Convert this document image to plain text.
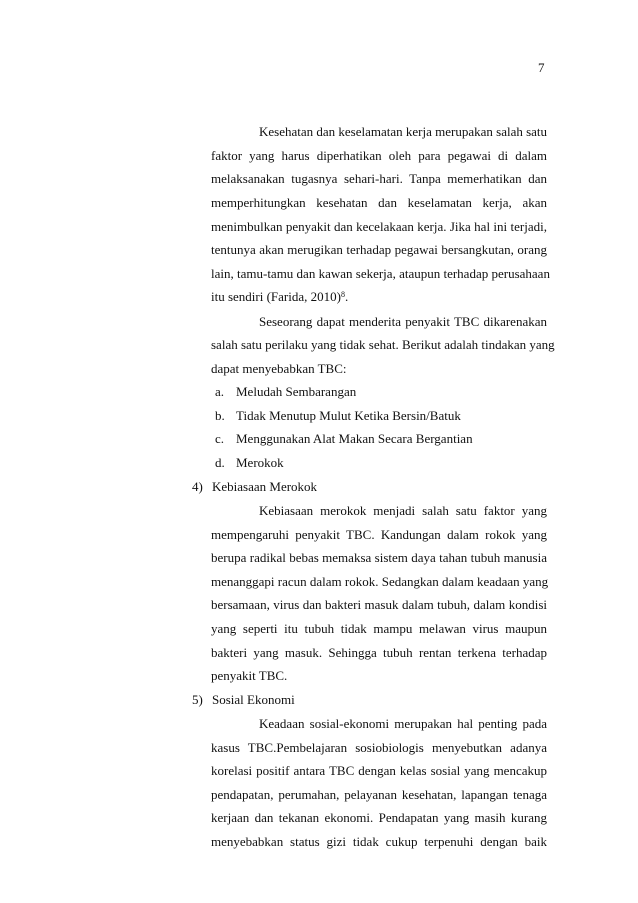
7
Kesehatan dan keselamatan kerja merupakan salah satu
faktor yang harus diperhatikan oleh para pegawai di dalam
melaksanakan tugasnya sehari-hari. Tanpa memerhatikan dan
memperhitungkan kesehatan dan keselamatan kerja, akan
menimbulkan penyakit dan kecelakaan kerja. Jika hal ini terjadi,
tentunya akan merugikan terhadap pegawai bersangkutan, orang
lain, tamu-tamu dan kawan sekerja, ataupun terhadap perusahaan
itu sendiri (Farida, 2010)$^8$.
Seseorang dapat menderita penyakit TBC dikarenakan
salah satu perilaku yang tidak sehat. Berikut adalah tindakan yang
dapat menyebabkan TBC:
a. Meludah Sembarangan
b. Tidak Menutup Mulut Ketika Bersin/Batuk
c. Menggunakan Alat Makan Secara Bergantian
d. Merokok
4) Kebiasaan Merokok
Kebiasaan merokok menjadi salah satu faktor yang
mempengaruhi penyakit TBC. Kandungan dalam rokok yang
berupa radikal bebas memaksa sistem daya tahan tubuh manusia
menanggapi racun dalam rokok. Sedangkan dalam keadaan yang
bersamaan, virus dan bakteri masuk dalam tubuh, dalam kondisi
yang seperti itu tubuh tidak mampu melawan virus maupun
bakteri yang masuk. Sehingga tubuh rentan terkena terhadap
penyakit TBC.
5) Sosial Ekonomi
Keadaan sosial-ekonomi merupakan hal penting pada
kasus TBC.Pembelajaran sosiobiologis menyebutkan adanya
korelasi positif antara TBC dengan kelas sosial yang mencakup
pendapatan, perumahan, pelayanan kesehatan, lapangan tenaga
kerjaan dan tekanan ekonomi. Pendapatan yang masih kurang
menyebabkan status gizi tidak cukup terpenuhi dengan baik
